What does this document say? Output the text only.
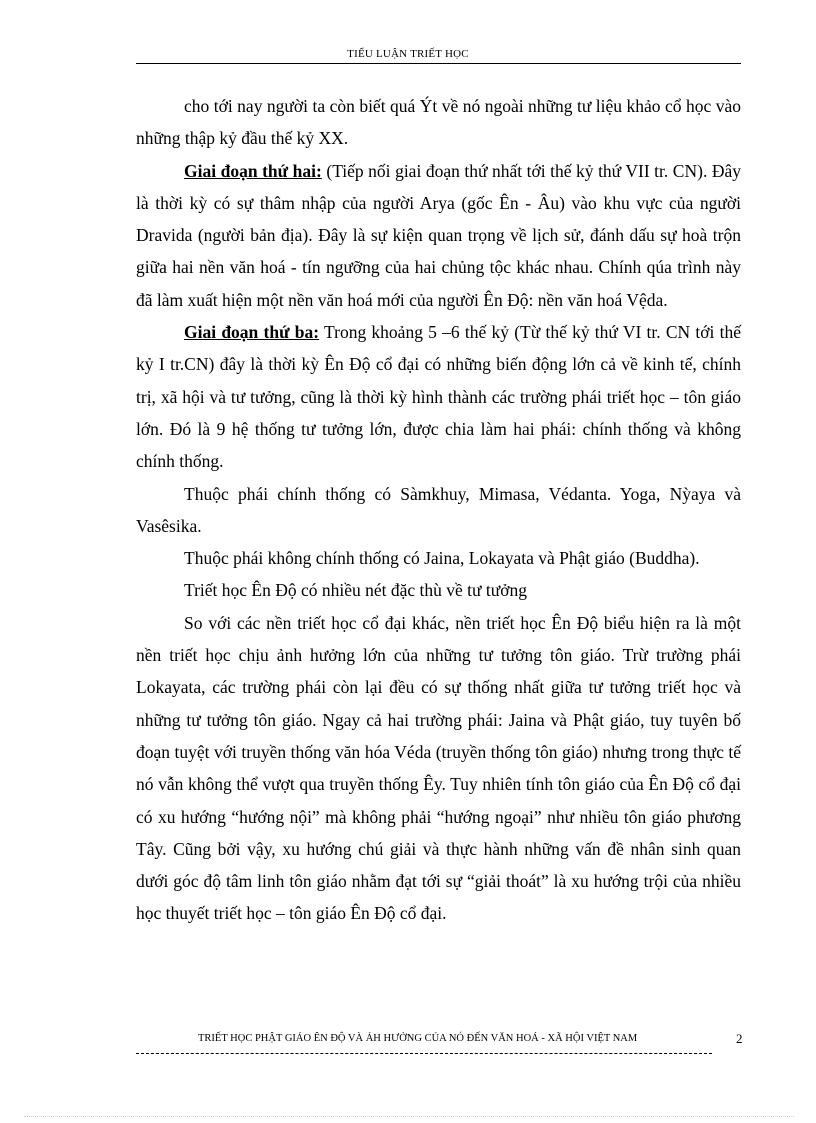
TIỂU LUẬN TRIẾT HỌC

cho tới nay người ta còn biết quá Ýt về nó ngoài những tư liệu khảo cổ học vào những thập kỷ đầu thế kỷ XX.

Giai đoạn thứ hai: (Tiếp nối giai đoạn thứ nhất tới thế kỷ thứ VII tr. CN). Đây là thời kỳ có sự thâm nhập của người Arya (gốc Ên - Âu) vào khu vực của người Dravida (người bản địa). Đây là sự kiện quan trọng về lịch sử, đánh dấu sự hoà trộn giữa hai nền văn hoá - tín ngưỡng của hai chủng tộc khác nhau. Chính qúa trình này đã làm xuất hiện một nền văn hoá mới của người Ên Độ: nền văn hoá Vệda.

Giai đoạn thứ ba: Trong khoảng 5 –6 thế kỷ (Từ thế kỷ thứ VI tr. CN tới thế kỷ I tr.CN) đây là thời kỳ Ên Độ cổ đại có những biến động lớn cả về kinh tế, chính trị, xã hội và tư tưởng, cũng là thời kỳ hình thành các trường phái triết học – tôn giáo lớn. Đó là 9 hệ thống tư tưởng lớn, được chia làm hai phái: chính thống và không chính thống.

Thuộc phái chính thống có Sàmkhuy, Mimasa, Védanta. Yoga, Nỳaya và Vasêsika.

Thuộc phái không chính thống có Jaina, Lokayata và Phật giáo (Buddha).

Triết học Ên Độ có nhiều nét đặc thù về tư tưởng

So với các nền triết học cổ đại khác, nền triết học Ên Độ biểu hiện ra là một nền triết học chịu ảnh hưởng lớn của những tư tưởng tôn giáo. Trừ trường phái Lokayata, các trường phái còn lại đều có sự thống nhất giữa tư tưởng triết học và những tư tưởng tôn giáo. Ngay cả hai trường phái: Jaina và Phật giáo, tuy tuyên bố đoạn tuyệt với truyền thống văn hóa Véda (truyền thống tôn giáo) nhưng trong thực tế nó vẫn không thể vượt qua truyền thống Êy. Tuy nhiên tính tôn giáo của Ên Độ cổ đại có xu hướng “hướng nội” mà không phải “hướng ngoại” như nhiều tôn giáo phương Tây. Cũng bởi vậy, xu hướng chú giải và thực hành những vấn đề nhân sinh quan dưới góc độ tâm linh tôn giáo nhằm đạt tới sự “giải thoát” là xu hướng trội của nhiều học thuyết triết học – tôn giáo Ên Độ cổ đại.

TRIẾT HỌC PHẬT GIÁO ÊN ĐỘ VÀ ẢH HƯỞNG CỦA NÓ ĐẾN VĂN HOÁ - XÃ HỘI VIỆT NAM	2
